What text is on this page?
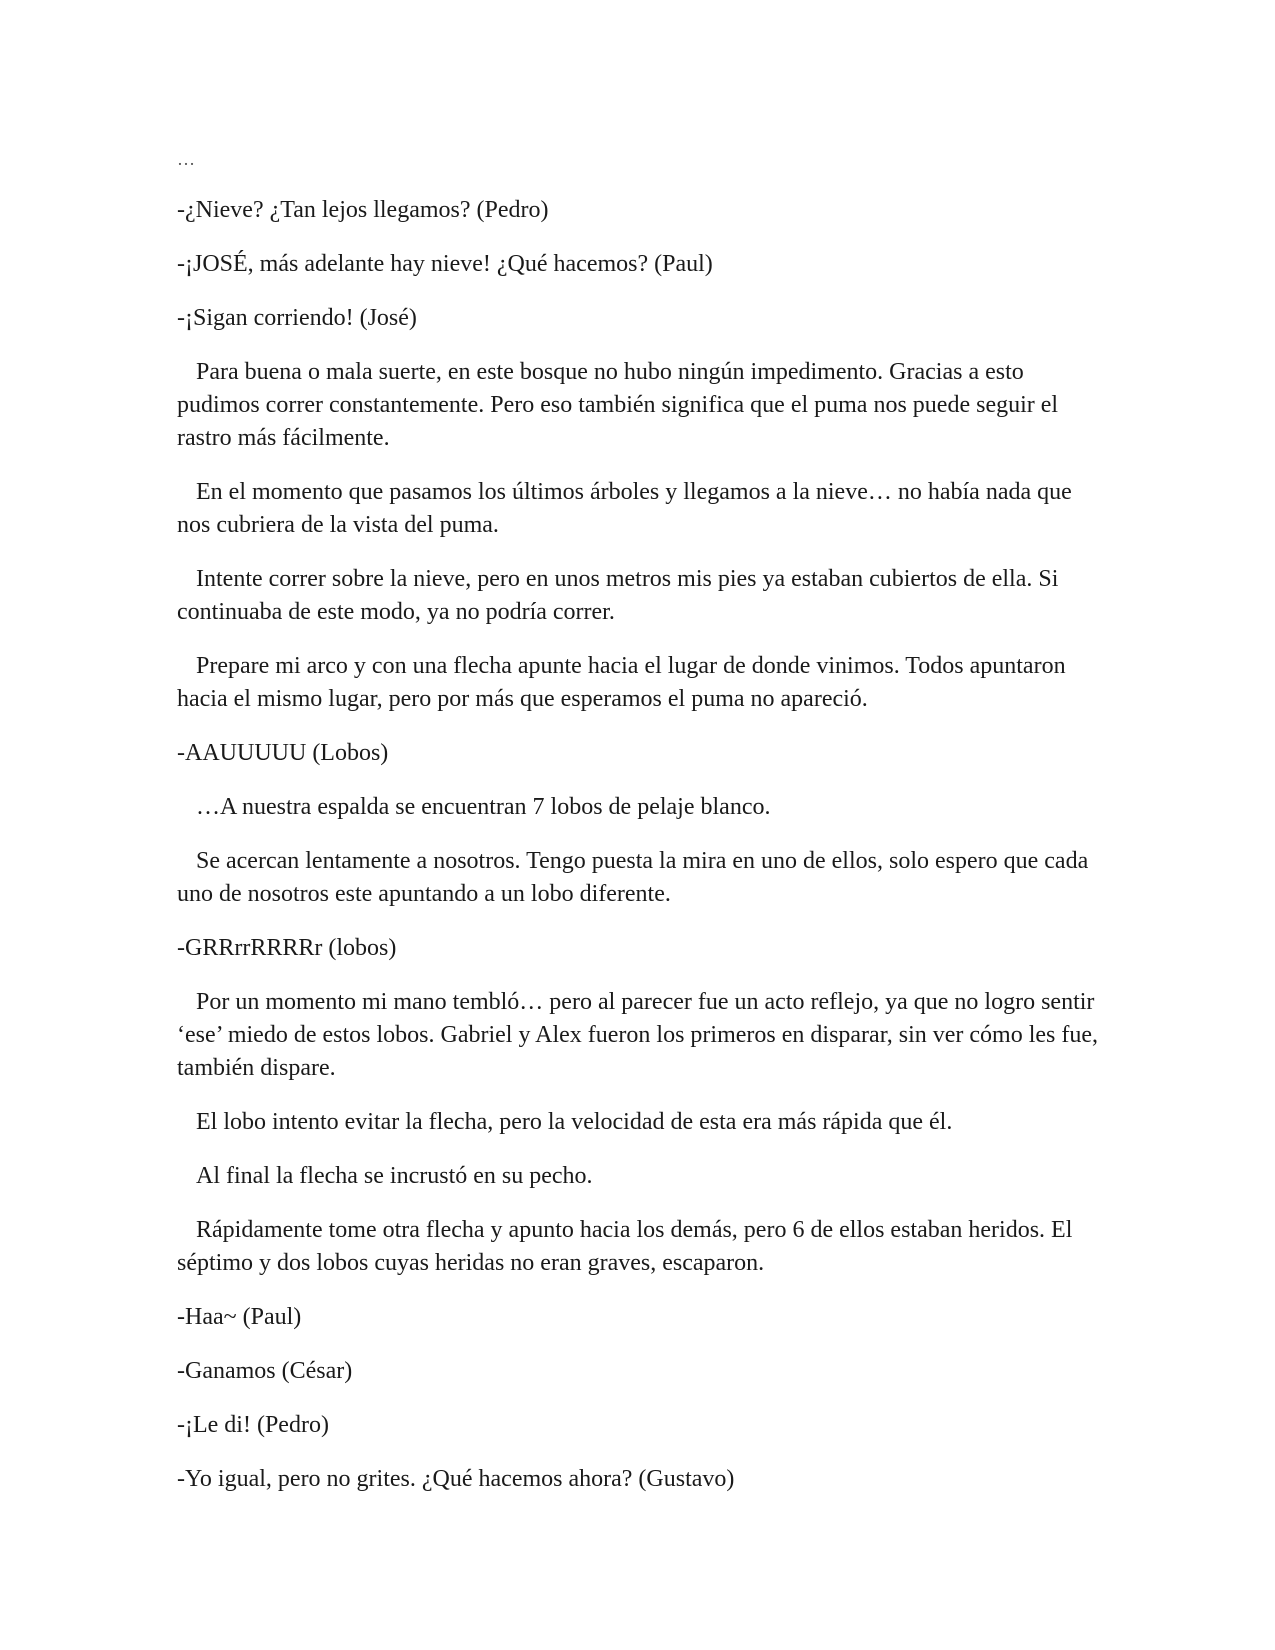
…

-¿Nieve? ¿Tan lejos llegamos? (Pedro)

-¡JOSÉ, más adelante hay nieve! ¿Qué hacemos? (Paul)

-¡Sigan corriendo! (José)

Para buena o mala suerte, en este bosque no hubo ningún impedimento. Gracias a esto pudimos correr constantemente. Pero eso también significa que el puma nos puede seguir el rastro más fácilmente.

En el momento que pasamos los últimos árboles y llegamos a la nieve… no había nada que nos cubriera de la vista del puma.

Intente correr sobre la nieve, pero en unos metros mis pies ya estaban cubiertos de ella. Si continuaba de este modo, ya no podría correr.

Prepare mi arco y con una flecha apunte hacia el lugar de donde vinimos. Todos apuntaron hacia el mismo lugar, pero por más que esperamos el puma no apareció.

-AAUUUUU (Lobos)

…A nuestra espalda se encuentran 7 lobos de pelaje blanco.

Se acercan lentamente a nosotros. Tengo puesta la mira en uno de ellos, solo espero que cada uno de nosotros este apuntando a un lobo diferente.

-GRRrrRRRRr (lobos)

Por un momento mi mano tembló… pero al parecer fue un acto reflejo, ya que no logro sentir ‘ese’ miedo de estos lobos. Gabriel y Alex fueron los primeros en disparar, sin ver cómo les fue, también dispare.

El lobo intento evitar la flecha, pero la velocidad de esta era más rápida que él.

Al final la flecha se incrustó en su pecho.

Rápidamente tome otra flecha y apunto hacia los demás, pero 6 de ellos estaban heridos. El séptimo y dos lobos cuyas heridas no eran graves, escaparon.

-Haa~ (Paul)

-Ganamos (César)

-¡Le di! (Pedro)

-Yo igual, pero no grites. ¿Qué hacemos ahora? (Gustavo)
